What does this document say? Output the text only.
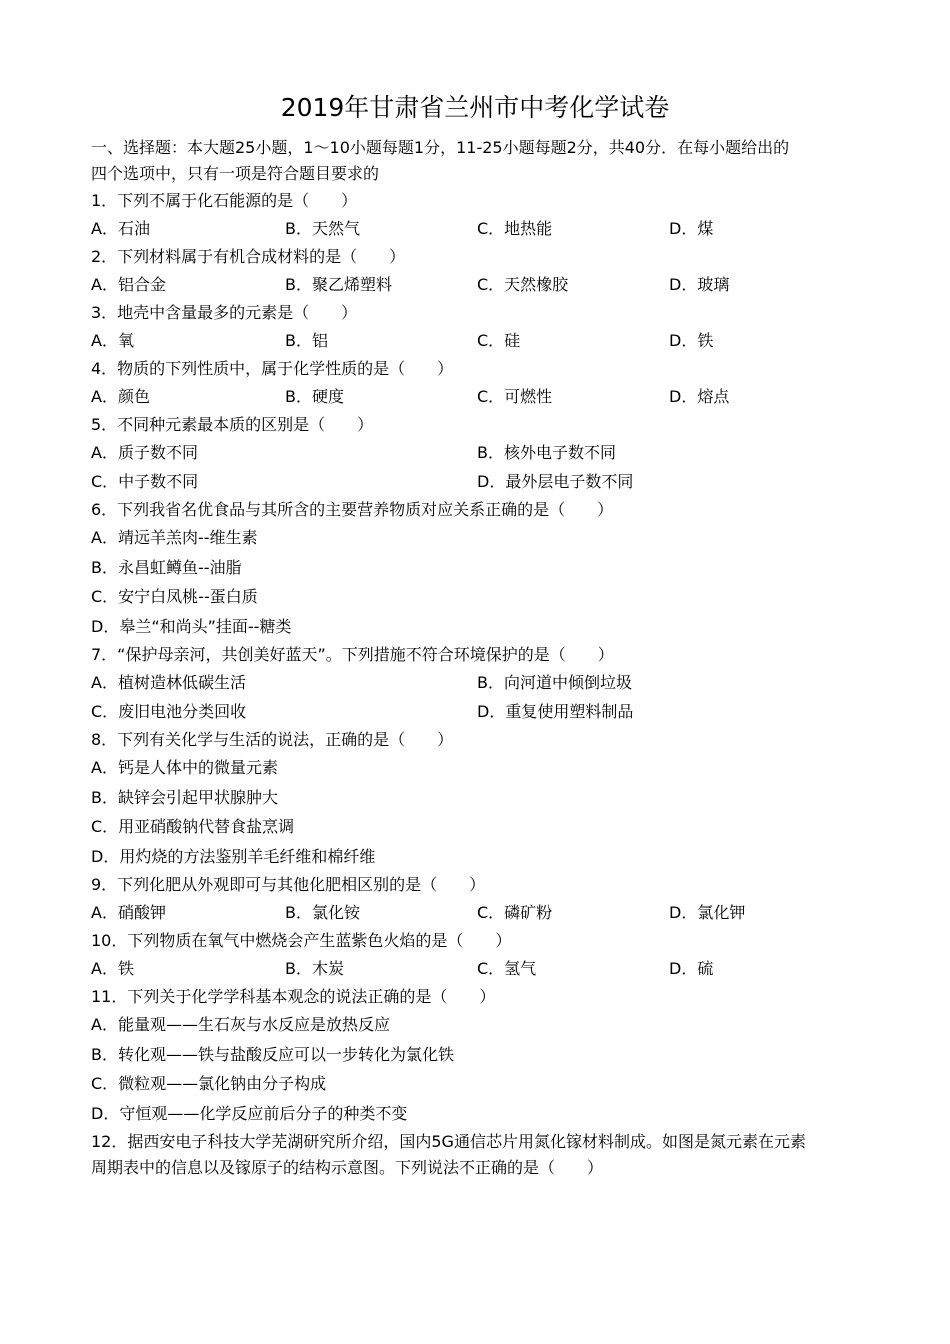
2019年甘肃省兰州市中考化学试卷
一、选择题：本大题25小题，1～10小题每题1分，11-25小题每题2分，共40分．在每小题给出的
四个选项中，只有一项是符合题目要求的
1．下列不属于化石能源的是（　　）
A．石油	B．天然气	C．地热能	D．煤
2．下列材料属于有机合成材料的是（　　）
A．铝合金	B．聚乙烯塑料	C．天然橡胶	D．玻璃
3．地壳中含量最多的元素是（　　）
A．氧	B．铝	C．硅	D．铁
4．物质的下列性质中，属于化学性质的是（　　）
A．颜色	B．硬度	C．可燃性	D．熔点
5．不同种元素最本质的区别是（　　）
A．质子数不同	B．核外电子数不同
C．中子数不同	D．最外层电子数不同
6．下列我省名优食品与其所含的主要营养物质对应关系正确的是（　　）
A．靖远羊羔肉--维生素
B．永昌虹鳟鱼--油脂
C．安宁白凤桃--蛋白质
D．皋兰“和尚头”挂面--糖类
7．“保护母亲河，共创美好蓝天”。下列措施不符合环境保护的是（　　）
A．植树造林低碳生活	B．向河道中倾倒垃圾
C．废旧电池分类回收	D．重复使用塑料制品
8．下列有关化学与生活的说法，正确的是（　　）
A．钙是人体中的微量元素
B．缺锌会引起甲状腺肿大
C．用亚硝酸钠代替食盐烹调
D．用灼烧的方法鉴别羊毛纤维和棉纤维
9．下列化肥从外观即可与其他化肥相区别的是（　　）
A．硝酸钾	B．氯化铵	C．磷矿粉	D．氯化钾
10．下列物质在氧气中燃烧会产生蓝紫色火焰的是（　　）
A．铁	B．木炭	C．氢气	D．硫
11．下列关于化学学科基本观念的说法正确的是（　　）
A．能量观——生石灰与水反应是放热反应
B．转化观——铁与盐酸反应可以一步转化为氯化铁
C．微粒观——氯化钠由分子构成
D．守恒观——化学反应前后分子的种类不变
12．据西安电子科技大学芜湖研究所介绍，国内5G通信芯片用氮化镓材料制成。如图是氮元素在元素
周期表中的信息以及镓原子的结构示意图。下列说法不正确的是（　　）
